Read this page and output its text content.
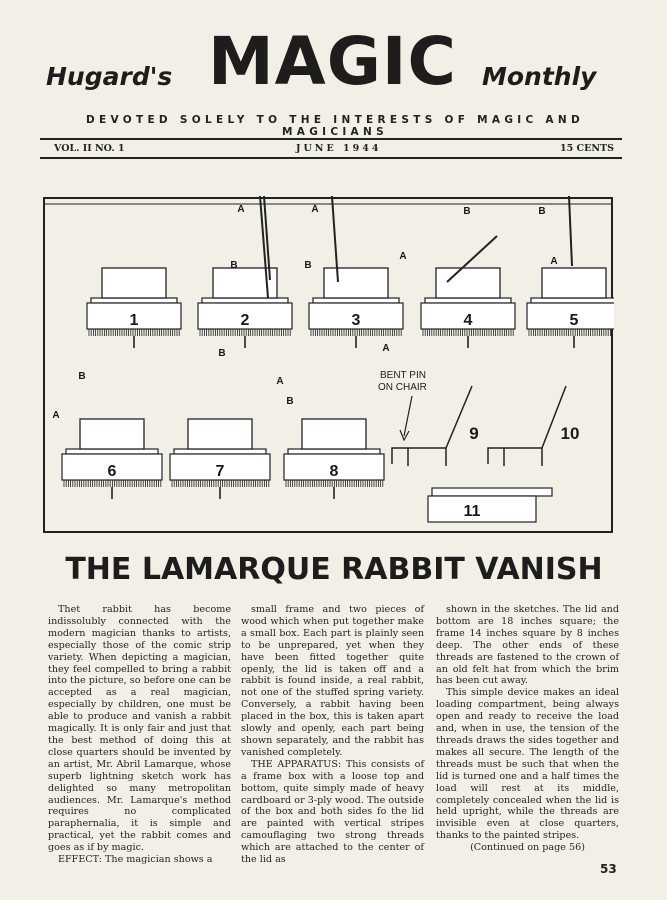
Hugard's MAGIC Monthly
DEVOTED SOLELY TO THE INTERESTS OF MAGIC AND MAGICIANS
VOL. II NO. 1	JUNE 1944	15 CENTS
1	2	3	4	5
6	7	8
9	10
11
A	A
B	B
B
A
B
A
B
A
B
A
A
B
BENT PIN
ON CHAIR
THE LAMARQUE RABBIT VANISH

Thet rabbit has become indissolubly connected with the modern magician thanks to artists, especially those of the comic strip variety. When depicting a magician, they feel compelled to bring a rabbit into the picture, so before one can be accepted as a real magician, especially by children, one must be able to produce and vanish a rabbit magically. It is only fair and just that the best method of doing this at close quarters should be invented by an artist, Mr. Abril Lamarque, whose superb lightning sketch work has delighted so many metropolitan audiences. Mr. Lamarque's method requires no complicated paraphernalia, it is simple and practical, yet the rabbit comes and goes as if by magic.

EFFECT: The magician shows a

small frame and two pieces of wood which when put together make a small box. Each part is plainly seen to be unprepared, yet when they have been fitted together quite openly, the lid is taken off and a rabbit is found inside, a real rabbit, not one of the stuffed spring variety. Conversely, a rabbit having been placed in the box, this is taken apart slowly and openly, each part being shown separately, and the rabbit has vanished completely.

THE APPARATUS: This consists of a frame box with a loose top and bottom, quite simply made of heavy cardboard or 3-ply wood. The outside of the box and both sides fo the lid are painted with vertical stripes camouflaging two strong threads which are attached to the center of the lid as

shown in the sketches. The lid and bottom are 18 inches square; the frame 14 inches square by 8 inches deep. The other ends of these threads are fastened to the crown of an old felt hat from which the brim has been cut away.

This simple device makes an ideal loading compartment, being always open and ready to receive the load and, when in use, the tension of the threads draws the sides together and makes all secure. The length of the threads must be such that when the lid is turned one and a half times the load will rest at its middle, completely concealed when the lid is held upright, while the threads are invisible even at close quarters, thanks to the painted stripes.

(Continued on page 56)

53
